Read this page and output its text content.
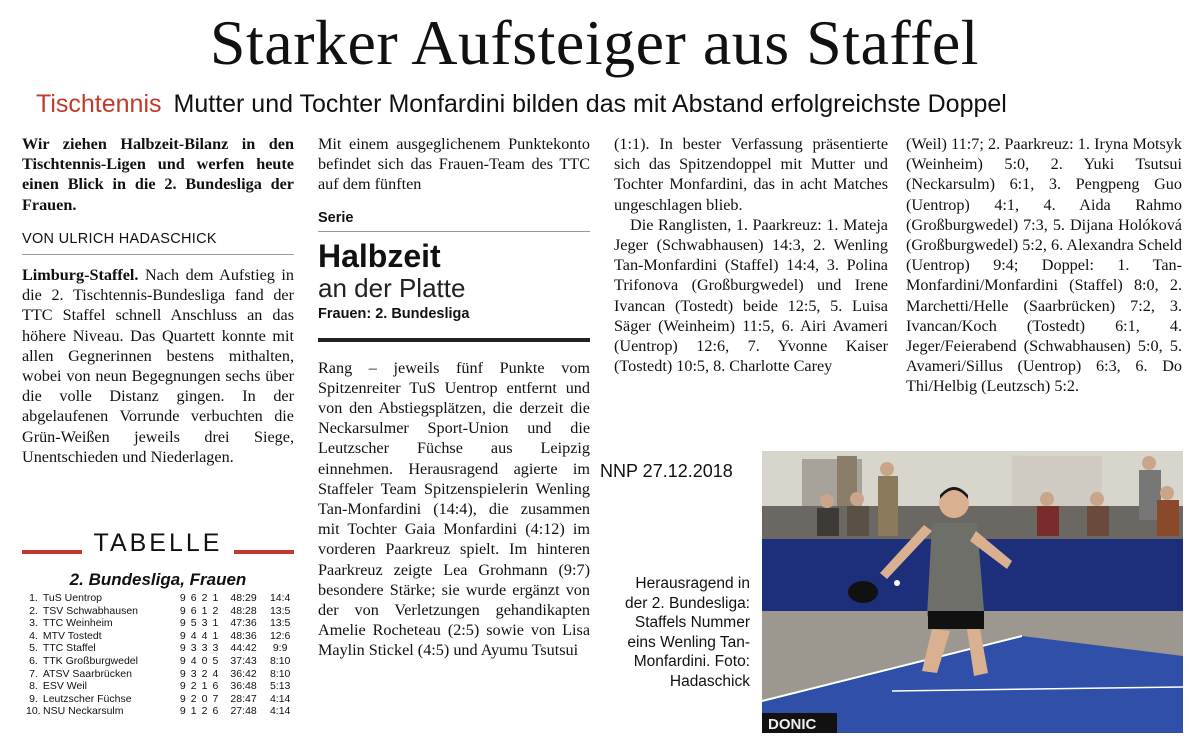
Starker Aufsteiger aus Staffel
Tischtennis Mutter und Tochter Monfardini bilden das mit Abstand erfolgreichste Doppel

Wir ziehen Halbzeit-Bilanz in den Tischtennis-Ligen und werfen heute einen Blick in die 2. Bundesliga der Frauen.

VON ULRICH HADASCHICK

Limburg-Staffel. Nach dem Aufstieg in die 2. Tischtennis-Bundesliga fand der TTC Staffel schnell Anschluss an das höhere Niveau. Das Quartett konnte mit allen Gegnerinnen bestens mithalten, wobei von neun Begegnungen sechs über die volle Distanz gingen. In der abgelaufenen Vorrunde verbuchten die Grün-Weißen jeweils drei Siege, Unentschieden und Niederlagen.

Mit einem ausgeglichenem Punktekonto befindet sich das Frauen-Team des TTC auf dem fünften

Serie
Halbzeit
an der Platte
Frauen: 2. Bundesliga

Rang – jeweils fünf Punkte vom Spitzenreiter TuS Uentrop entfernt und von den Abstiegsplätzen, die derzeit die Neckarsulmer Sport-Union und die Leutzscher Füchse aus Leipzig einnehmen. Herausragend agierte im Staffeler Team Spitzenspielerin Wenling Tan-Monfardini (14:4), die zusammen mit Tochter Gaia Monfardini (4:12) im vorderen Paarkreuz spielt. Im hinteren Paarkreuz zeigte Lea Grohmann (9:7) besondere Stärke; sie wurde ergänzt von der von Verletzungen gehandikapten Amelie Rocheteau (2:5) sowie von Lisa Maylin Stickel (4:5) und Ayumu Tsutsui

(1:1). In bester Verfassung präsentierte sich das Spitzendoppel mit Mutter und Tochter Monfardini, das in acht Matches ungeschlagen blieb.

Die Ranglisten, 1. Paarkreuz: 1. Mateja Jeger (Schwabhausen) 14:3, 2. Wenling Tan-Monfardini (Staffel) 14:4, 3. Polina Trifonova (Großburgwedel) und Irene Ivancan (Tostedt) beide 12:5, 5. Luisa Säger (Weinheim) 11:5, 6. Airi Avameri (Uentrop) 12:6, 7. Yvonne Kaiser (Tostedt) 10:5, 8. Charlotte Carey

(Weil) 11:7; 2. Paarkreuz: 1. Iryna Motsyk (Weinheim) 5:0, 2. Yuki Tsutsui (Neckarsulm) 6:1, 3. Pengpeng Guo (Uentrop) 4:1, 4. Aida Rahmo (Großburgwedel) 7:3, 5. Dijana Holóková (Großburgwedel) 5:2, 6. Alexandra Scheld (Uentrop) 9:4; Doppel: 1. Tan-Monfardini/Monfardini (Staffel) 8:0, 2. Marchetti/Helle (Saarbrücken) 7:2, 3. Ivancan/Koch (Tostedt) 6:1, 4. Jeger/Feierabend (Schwabhausen) 5:0, 5. Avameri/Sillus (Uentrop) 6:3, 6. Do Thi/Helbig (Leutzsch) 5:2.

TABELLE
2. Bundesliga, Frauen
1. TuS Uentrop	9 6 2 1	48:29	14:4
2. TSV Schwabhausen	9 6 1 2	48:28	13:5
3. TTC Weinheim	9 5 3 1	47:36	13:5
4. MTV Tostedt	9 4 4 1	48:36	12:6
5. TTC Staffel	9 3 3 3	44:42	9:9
6. TTK Großburgwedel	9 4 0 5	37:43	8:10
7. ATSV Saarbrücken	9 3 2 4	36:42	8:10
8. ESV Weil	9 2 1 6	36:48	5:13
9. Leutzscher Füchse	9 2 0 7	28:47	4:14
10. NSU Neckarsulm	9 1 2 6	27:48	4:14
NNP 27.12.2018
Herausragend in der 2. Bundesliga: Staffels Nummer eins Wenling Tan-Monfardini. Foto: Hadaschick
DONIC
